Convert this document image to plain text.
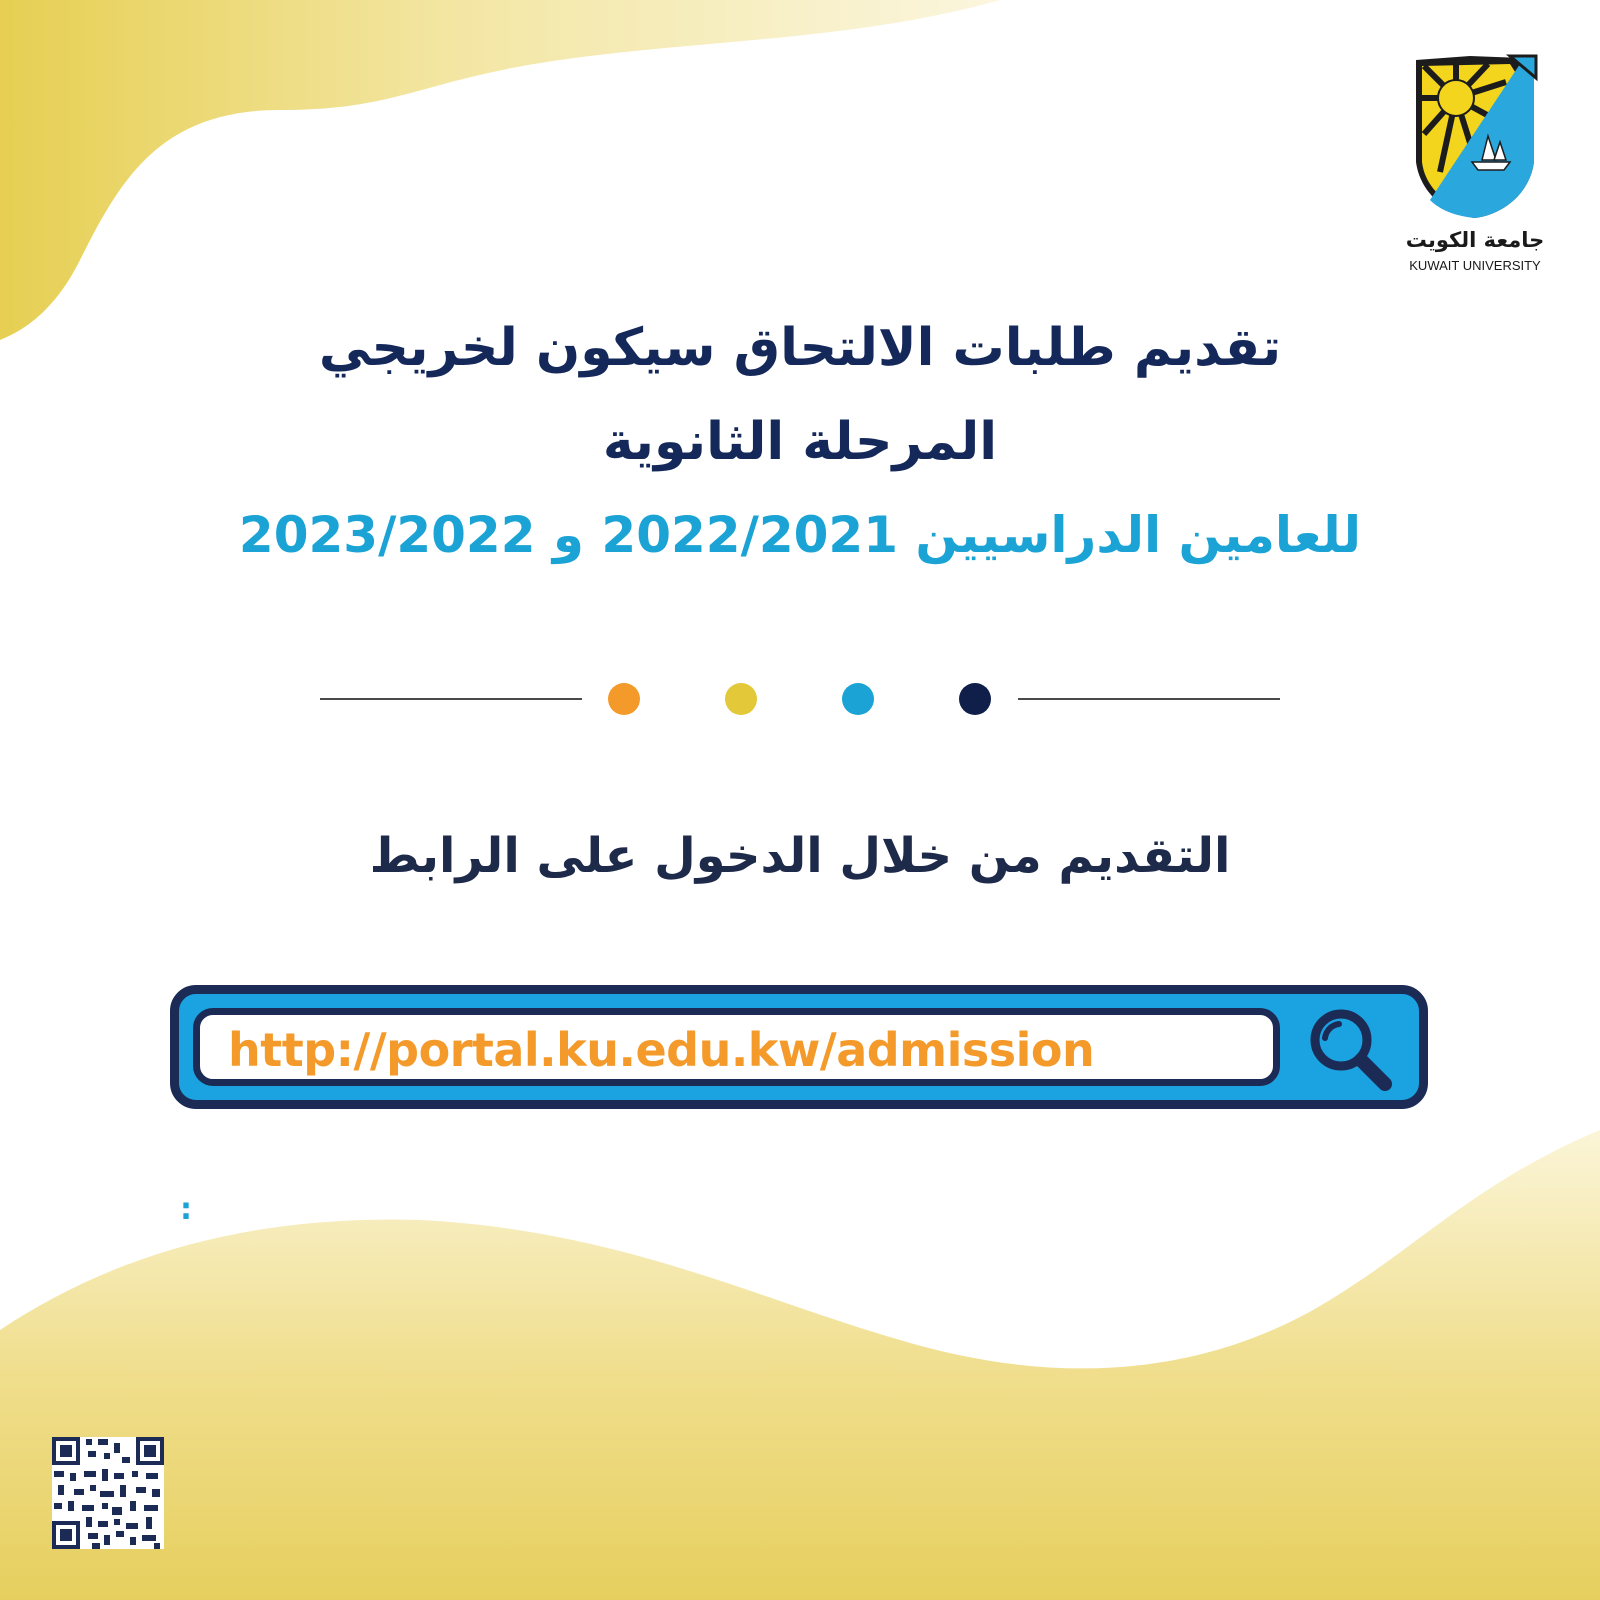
جامعة الكويت
KUWAIT UNIVERSITY
تقديم طلبات الالتحاق سيكون لخريجي
المرحلة الثانوية
للعامين الدراسيين 2022/2021 و 2023/2022
التقديم من خلال الدخول على الرابط
http://portal.ku.edu.kw/admission
:
